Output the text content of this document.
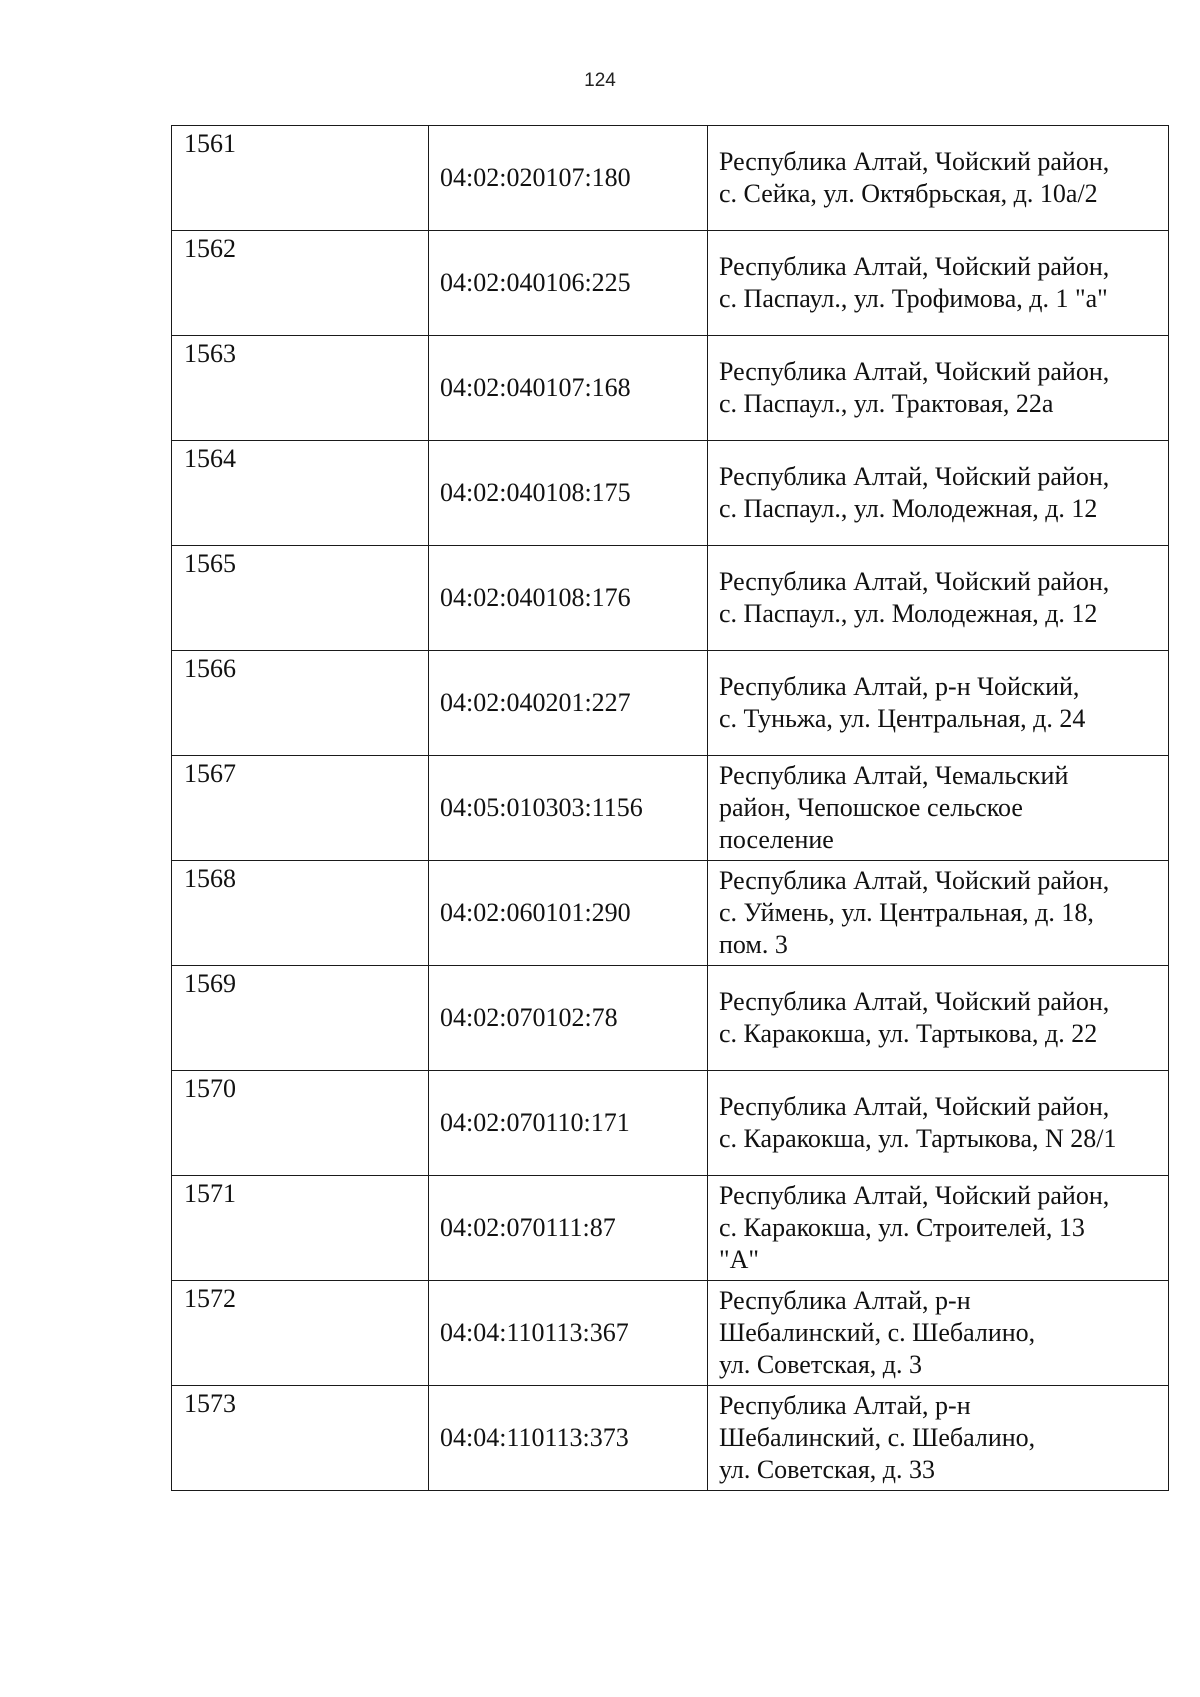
124
1561	04:02:020107:180	Республика Алтай, Чойский район,
с. Сейка, ул. Октябрьская, д. 10а/2

1562	04:02:040106:225	Республика Алтай, Чойский район,
с. Паспаул., ул. Трофимова, д. 1 "а"

1563	04:02:040107:168	Республика Алтай, Чойский район,
с. Паспаул., ул. Трактовая, 22а

1564	04:02:040108:175	Республика Алтай, Чойский район,
с. Паспаул., ул. Молодежная, д. 12

1565	04:02:040108:176	Республика Алтай, Чойский район,
с. Паспаул., ул. Молодежная, д. 12

1566	04:02:040201:227	Республика Алтай, р-н Чойский,
с. Туньжа, ул. Центральная, д. 24

1567	04:05:010303:1156	Республика Алтай, Чемальский
район, Чепошское сельское
поселение

1568	04:02:060101:290	Республика Алтай, Чойский район,
с. Уймень, ул. Центральная, д. 18,
пом. 3

1569	04:02:070102:78	Республика Алтай, Чойский район,
с. Каракокша, ул. Тартыкова, д. 22

1570	04:02:070110:171	Республика Алтай, Чойский район,
с. Каракокша, ул. Тартыкова, N 28/1

1571	04:02:070111:87	Республика Алтай, Чойский район,
с. Каракокша, ул. Строителей, 13
"А"

1572	04:04:110113:367	Республика Алтай, р-н
Шебалинский, с. Шебалино,
ул. Советская, д. 3

1573	04:04:110113:373	Республика Алтай, р-н
Шебалинский, с. Шебалино,
ул. Советская, д. 33
